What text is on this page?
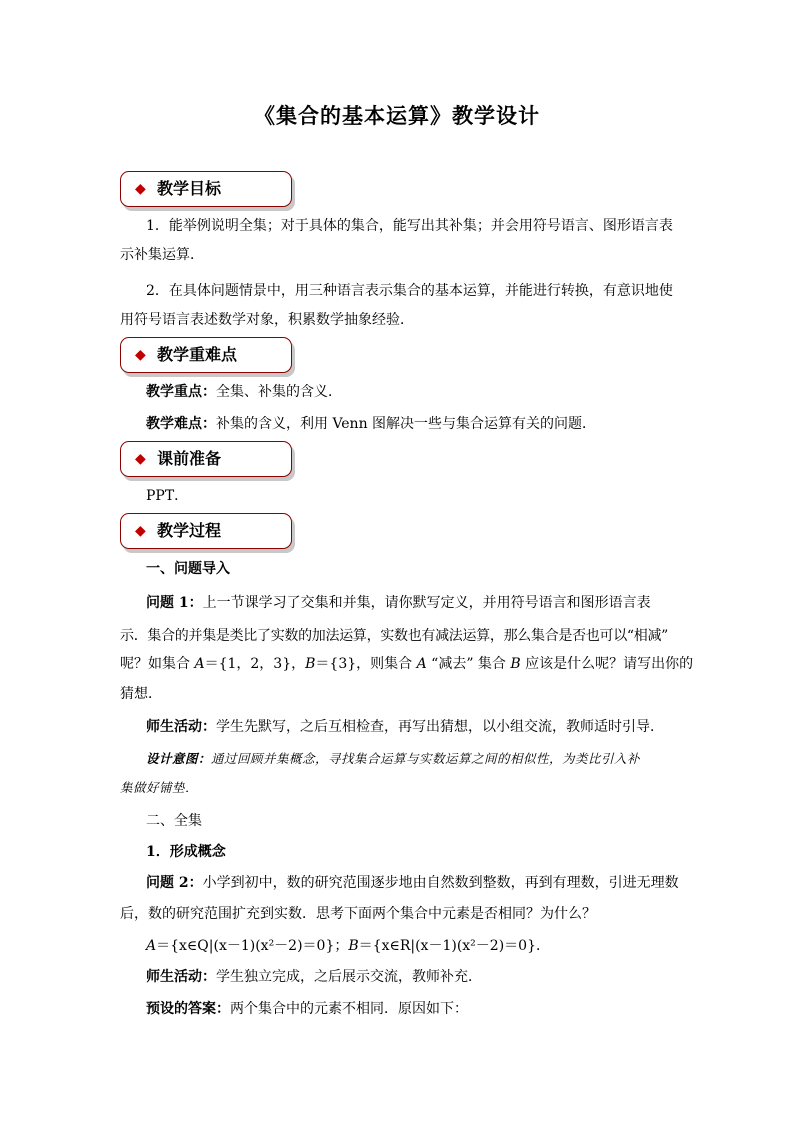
《集合的基本运算》教学设计
◆ 教学目标
1．能举例说明全集；对于具体的集合，能写出其补集；并会用符号语言、图形语言表
示补集运算．
2．在具体问题情景中，用三种语言表示集合的基本运算，并能进行转换，有意识地使
用符号语言表述数学对象，积累数学抽象经验．
◆ 教学重难点
教学重点：全集、补集的含义．
教学难点：补集的含义，利用 Venn 图解决一些与集合运算有关的问题．
◆ 课前准备
PPT．
◆ 教学过程
一、问题导入
问题 1：上一节课学习了交集和并集，请你默写定义，并用符号语言和图形语言表
示．集合的并集是类比了实数的加法运算，实数也有减法运算，那么集合是否也可以“相减”
呢？如集合 A＝{1，2，3}，B＝{3}，则集合 A “减去” 集合 B 应该是什么呢？请写出你的
猜想．
师生活动：学生先默写，之后互相检查，再写出猜想，以小组交流，教师适时引导．
设计意图：通过回顾并集概念，寻找集合运算与实数运算之间的相似性，为类比引入补
集做好铺垫．
二、全集
1．形成概念
问题 2：小学到初中，数的研究范围逐步地由自然数到整数，再到有理数，引进无理数
后，数的研究范围扩充到实数．思考下面两个集合中元素是否相同？为什么？
A＝{x∈Q|(x－1)(x²－2)＝0}；B＝{x∈R|(x－1)(x²－2)＝0}．
师生活动：学生独立完成，之后展示交流，教师补充．
预设的答案：两个集合中的元素不相同．原因如下：
